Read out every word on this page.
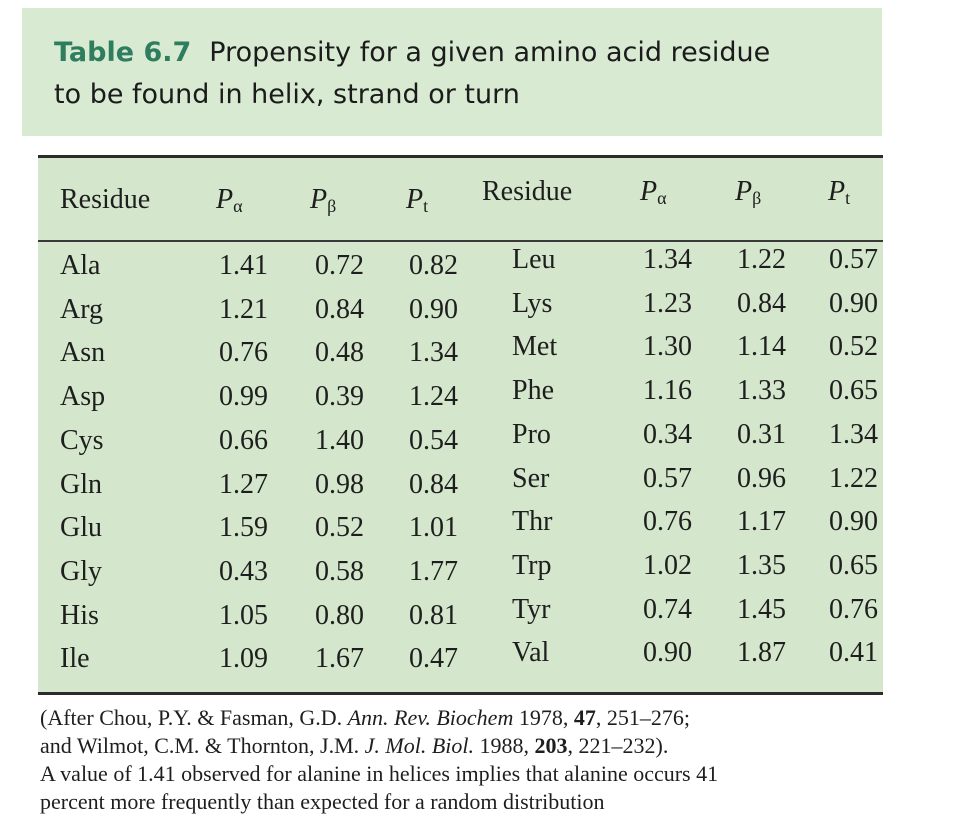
Table 6.7 Propensity for a given amino acid residue
to be found in helix, strand or turn
Residue $P_\alpha$ $P_\beta$ $P_t$ Residue $P_\alpha$ $P_\beta$ $P_t$
Ala	1.41	0.72	0.82 Leu	1.34	1.22	0.57
Arg	1.21	0.84	0.90 Lys	1.23	0.84	0.90
Asn	0.76	0.48	1.34 Met	1.30	1.14	0.52
Asp	0.99	0.39	1.24 Phe	1.16	1.33	0.65
Cys	0.66	1.40	0.54 Pro	0.34	0.31	1.34
Gln	1.27	0.98	0.84 Ser	0.57	0.96	1.22
Glu	1.59	0.52	1.01 Thr	0.76	1.17	0.90
Gly	0.43	0.58	1.77 Trp	1.02	1.35	0.65
His	1.05	0.80	0.81 Tyr	0.74	1.45	0.76
Ile	1.09	1.67	0.47 Val	0.90	1.87	0.41
(After Chou, P.Y. & Fasman, G.D. Ann. Rev. Biochem 1978, 47, 251–276;
and Wilmot, C.M. & Thornton, J.M. J. Mol. Biol. 1988, 203, 221–232).
A value of 1.41 observed for alanine in helices implies that alanine occurs 41
percent more frequently than expected for a random distribution
